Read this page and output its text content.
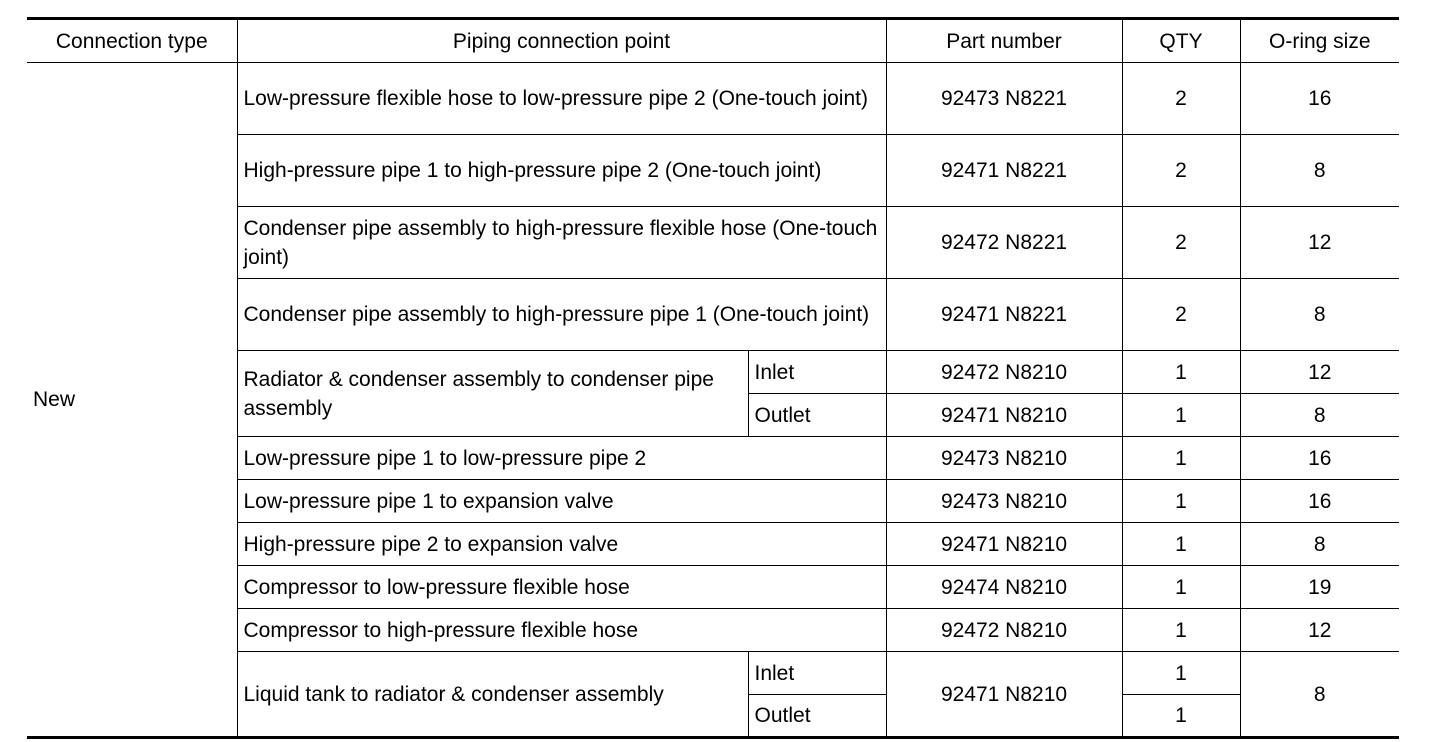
Connection type	Piping connection point		Part number	QTY	O-ring size
New	Low-pressure flexible hose to low-pressure pipe 2 (One-touch joint)		92473 N8221	2	16
	High-pressure pipe 1 to high-pressure pipe 2 (One-touch joint)		92471 N8221	2	8
	Condenser pipe assembly to high-pressure flexible hose (One-touch joint)		92472 N8221	2	12
	Condenser pipe assembly to high-pressure pipe 1 (One-touch joint)		92471 N8221	2	8
	Radiator & condenser assembly to condenser pipe assembly	Inlet	92472 N8210	1	12
		Outlet	92471 N8210	1	8
	Low-pressure pipe 1 to low-pressure pipe 2		92473 N8210	1	16
	Low-pressure pipe 1 to expansion valve		92473 N8210	1	16
	High-pressure pipe 2 to expansion valve		92471 N8210	1	8
	Compressor to low-pressure flexible hose		92474 N8210	1	19
	Compressor to high-pressure flexible hose		92472 N8210	1	12
	Liquid tank to radiator & condenser assembly	Inlet	92471 N8210	1	8
		Outlet		1	
